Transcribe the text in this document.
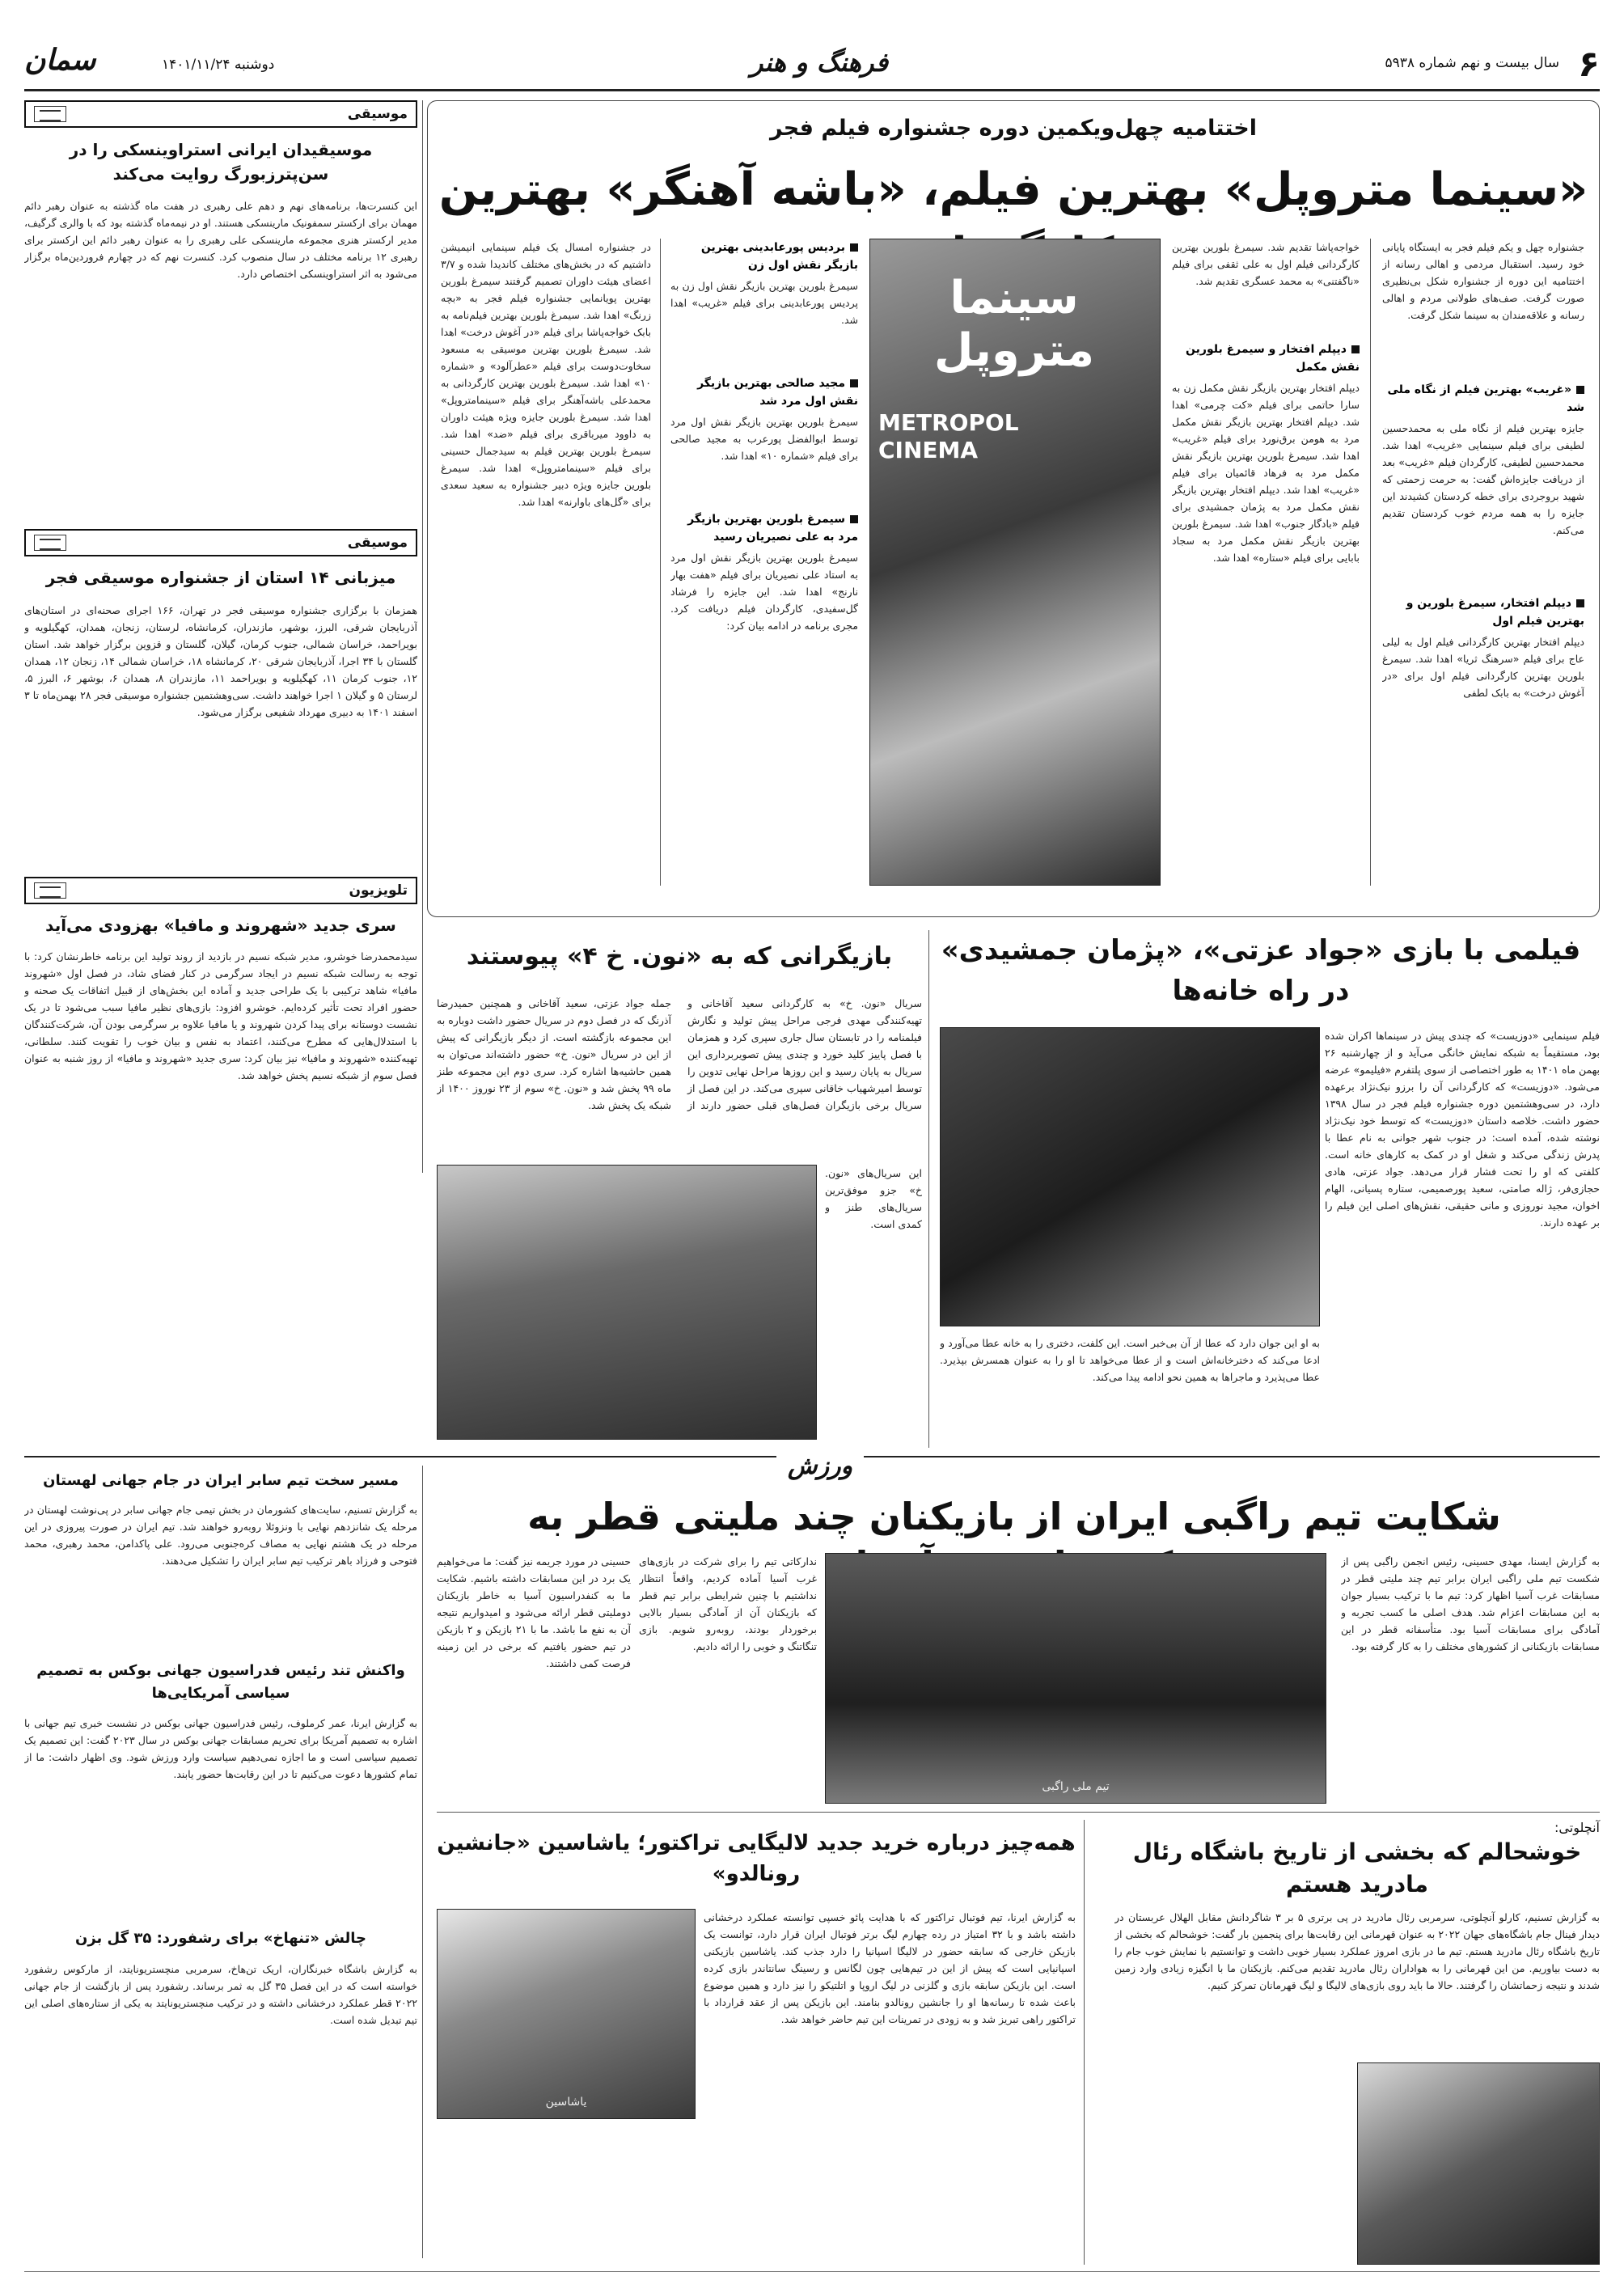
۶
سال بیست و نهم شماره ۵۹۳۸
فرهنگ و هنر
دوشنبه ۱۴۰۱/۱۱/۲۴
سمان
اختتامیه چهل‌ویکمین دوره جشنواره فیلم فجر
«سینما متروپل» بهترین فیلم، «باشه آهنگر» بهترین
جشنواره چهل و یکم فیلم فجر به ایستگاه پایانی خود رسید. استقبال مردمی و اهالی رسانه از اختتامیه این دوره از جشنواره شکل بی‌نظیری صورت گرفت. صف‌های طولانی مردم و اهالی رسانه و علاقه‌مندان به سینما شکل گرفت.
«غریب» بهترین فیلم از نگاه ملی شد
جایزه بهترین فیلم از نگاه ملی به محمدحسین لطیفی برای فیلم سینمایی «غریب» اهدا شد. محمدحسین لطیفی، کارگردان فیلم «غریب» بعد از دریافت جایزه‌اش گفت: به حرمت زحمتی که شهید بروجردی برای خطه کردستان کشیدند این جایزه را به همه مردم خوب کردستان تقدیم می‌کنم.
دیپلم افتخار، سیمرغ بلورین و بهترین فیلم اول
دیپلم افتخار بهترین کارگردانی فیلم اول به لیلی عاج برای فیلم «سرهنگ ثریا» اهدا شد. سیمرغ بلورین بهترین کارگردانی فیلم اول برای «در آغوش درخت» به بابک لطفی
خواجه‌پاشا تقدیم شد. سیمرغ بلورین بهترین کارگردانی فیلم اول به علی ثقفی برای فیلم «ناگفتنی» به محمد عسگری تقدیم شد.
دیپلم افتخار و سیمرغ بلورین نقش مکمل
دیپلم افتخار بهترین بازیگر نقش مکمل زن به سارا حاتمی برای فیلم «کت چرمی» اهدا شد. دیپلم افتخار بهترین بازیگر نقش مکمل مرد به هومن برق‌نورد برای فیلم «غریب» اهدا شد. سیمرغ بلورین بهترین بازیگر نقش مکمل مرد به فرهاد قائمیان برای فیلم «غریب» اهدا شد. دیپلم افتخار بهترین بازیگر نقش مکمل مرد به پژمان جمشیدی برای فیلم «بادگار جنوب» اهدا شد. سیمرغ بلورین بهترین بازیگر نقش مکمل مرد به سجاد بابایی برای فیلم «ستاره» اهدا شد.
سینما متروپل
METROPOL CINEMA
بردیس پورعابدینی بهترین بازیگر نقش اول زن
سیمرغ بلورین بهترین بازیگر نقش اول زن به پردیس پورعابدینی برای فیلم «غریب» اهدا شد.
مجید صالحی بهترین بازیگر نقش اول مرد شد
سیمرغ بلورین بهترین بازیگر نقش اول مرد توسط ابوالفضل پورعرب به مجید صالحی برای فیلم «شماره ۱۰» اهدا شد.
سیمرغ بلورین بهترین بازیگر مرد به علی نصیریان رسید
سیمرغ بلورین بهترین بازیگر نقش اول مرد به استاد علی نصیریان برای فیلم «هفت بهار نارنج» اهدا شد. این جایزه را فرشاد گل‌سفیدی، کارگردان فیلم دریافت کرد. مجری برنامه در ادامه بیان کرد:
در جشنواره امسال یک فیلم سینمایی انیمیشن داشتیم که در بخش‌های مختلف کاندیدا شده و ۳/۷ اعضای هیئت داوران تصمیم گرفتند سیمرغ بلورین بهترین پویانمایی جشنواره فیلم فجر به «بچه زرنگ» اهدا شد. سیمرغ بلورین بهترین فیلم‌نامه به بابک خواجه‌پاشا برای فیلم «در آغوش درخت» اهدا شد. سیمرغ بلورین بهترین موسیقی به مسعود سخاوت‌دوست برای فیلم «عطرآلود» و «شماره ۱۰» اهدا شد. سیمرغ بلورین بهترین کارگردانی به محمدعلی باشه‌آهنگر برای فیلم «سینمامتروپل» اهدا شد. سیمرغ بلورین جایزه ویژه هیئت داوران به داوود میرباقری برای فیلم «ضد» اهدا شد. سیمرغ بلورین بهترین فیلم به سیدجمال حسینی برای فیلم «سینمامتروپل» اهدا شد. سیمرغ بلورین جایزه ویژه دبیر جشنواره به سعید سعدی برای «گل‌های باوارنه» اهدا شد.
موسیقی
موسیقیدان ایرانی استراوینسکی را در سن‌پترزبورگ روایت می‌کند
این کنسرت‌ها، برنامه‌های نهم و دهم علی رهبری در هفت ماه گذشته به عنوان رهبر دائم مهمان برای ارکستر سمفونیک مارینسکی هستند. او در نیمه‌ماه گذشته بود که با والری گرگیف، مدیر ارکستر هنری مجموعه مارینسکی علی رهبری را به عنوان رهبر دائم این ارکستر برای رهبری ۱۲ برنامه مختلف در سال منصوب کرد. کنسرت نهم که در چهارم فروردین‌ماه برگزار می‌شود به اثر استراوینسکی اختصاص دارد.
موسیقی
میزبانی ۱۴ استان از جشنواره موسیقی فجر
همزمان با برگزاری جشنواره موسیقی فجر در تهران، ۱۶۶ اجرای صحنه‌ای در استان‌های آذربایجان شرقی، البرز، بوشهر، مازندران، کرمانشاه، لرستان، زنجان، همدان، کهگیلویه و بویراحمد، خراسان شمالی، جنوب کرمان، گیلان، گلستان و قزوین برگزار خواهد شد. استان گلستان با ۳۴ اجرا، آذربایجان شرقی ۲۰، کرمانشاه ۱۸، خراسان شمالی ۱۴، زنجان ۱۲، همدان ۱۲، جنوب کرمان ۱۱، کهگیلویه و بویراحمد ۱۱، مازندران ۸، همدان ۶، بوشهر ۶، البرز ۵، لرستان ۵ و گیلان ۱ اجرا خواهند داشت. سی‌وهشتمین جشنواره موسیقی فجر ۲۸ بهمن‌ماه تا ۳ اسفند ۱۴۰۱ به دبیری مهرداد شفیعی برگزار می‌شود.
تلویزیون
سری جدید «شهروند و مافیا» بهزودی می‌آید
سیدمحمدرضا خوشرو، مدیر شبکه نسیم در بازدید از روند تولید این برنامه خاطرنشان کرد: با توجه به رسالت شبکه نسیم در ایجاد سرگرمی در کنار فضای شاد، در فصل اول «شهروند مافیا» شاهد ترکیبی با یک طراحی جدید و آماده این بخش‌های از قبیل اتفاقات یک صحنه و حضور افراد تحت تأثیر کرده‌ایم. خوشرو افزود: بازی‌های نظیر مافیا سبب می‌شود تا در یک نشست دوستانه برای پیدا کردن شهروند و یا مافیا علاوه بر سرگرمی بودن آن، شرکت‌کنندگان با استدلال‌هایی که مطرح می‌کنند، اعتماد به نفس و بیان خوب را تقویت کنند. سلطانی، تهیه‌کننده «شهروند و مافیا» نیز بیان کرد: سری جدید «شهروند و مافیا» از روز شنبه به عنوان فصل سوم از شبکه نسیم پخش خواهد شد.
فیلمی با بازی «جواد عزتی»، «پژمان جمشیدی» در راه خانه‌ها
فیلم سینمایی «دوزیست» که چندی پیش در سینماها اکران شده بود، مستقیماً به شبکه نمایش خانگی می‌آید و از چهارشنبه ۲۶ بهمن ماه ۱۴۰۱ به طور اختصاصی از سوی پلتفرم «فیلیمو» عرضه می‌شود. «دوزیست» که کارگردانی آن را برزو نیک‌نژاد برعهده دارد، در سی‌وهشتمین دوره جشنواره فیلم فجر در سال ۱۳۹۸ حضور داشت. خلاصه داستان «دوزیست» که توسط خود نیک‌نژاد نوشته شده، آمده است: در جنوب شهر جوانی به نام عطا با پدرش زندگی می‌کند و شغل او در کمک به کارهای خانه است. کلفتی که او را تحت فشار قرار می‌دهد. جواد عزتی، هادی حجازی‌فر، ژاله صامتی، سعید پورصمیمی، ستاره پسیانی، الهام اخوان، مجید نوروزی و مانی حقیقی، نقش‌های اصلی این فیلم را بر عهده دارند.
به او این جوان دارد که عطا از آن بی‌خبر است. این کلفت، دختری را به خانه عطا می‌آورد و ادعا می‌کند که دختر‌خانه‌اش است و از عطا می‌خواهد تا او را به عنوان همسرش بپذیرد. عطا می‌پذیرد و ماجراها به همین نحو ادامه پیدا می‌کند.
بازیگرانی که به «نون. خ ۴» پیوستند
سریال «نون. خ» به کارگردانی سعید آقاخانی و تهیه‌کنندگی مهدی فرجی مراحل پیش تولید و نگارش فیلمنامه را در تابستان سال جاری سپری کرد و همزمان با فصل پاییز کلید خورد و چندی پیش تصویربرداری این سریال به پایان رسید و این روزها مراحل نهایی تدوین را توسط امیرشهیاب خاقانی سپری می‌کند. در این فصل از سریال برخی بازیگران فصل‌های قبلی حضور دارند از جمله جواد عزتی، سعید آقاخانی و همچنین حمیدرضا آذرنگ که در فصل دوم در سریال حضور داشت دوباره به این مجموعه بازگشته است. از دیگر بازیگرانی که پیش از این در سریال «نون. خ» حضور داشته‌اند می‌توان به همین حاشیه‌ها اشاره کرد. سری دوم این مجموعه طنز ماه ۹۹ پخش شد و «نون. خ» سوم از ۲۳ نوروز ۱۴۰۰ از شبکه یک پخش شد.
این سریال‌های «نون. خ» جزو موفق‌ترین سریال‌های طنز و کمدی است.
ورزش
شکایت تیم راگبی ایران از بازیکنان چند ملیتی قطر به
به گزارش ایسنا، مهدی حسینی، رئیس انجمن راگبی پس از شکست تیم ملی راگبی ایران برابر تیم چند ملیتی قطر در مسابقات غرب آسیا اظهار کرد: تیم ما با ترکیب بسیار جوان به این مسابقات اعزام شد. هدف اصلی ما کسب تجربه و آمادگی برای مسابقات آسیا بود. متأسفانه قطر در این مسابقات بازیکنانی از کشورهای مختلف را به کار گرفته بود.
تیم ملی راگبی
ندارکاتی تیم را برای شرکت در بازی‌های غرب آسیا آماده کردیم، واقعاً انتظار نداشتیم با چنین شرایطی برابر تیم قطر که بازیکنان آن از آمادگی بسیار بالایی برخوردار بودند، روبه‌رو شویم. بازی تنگاتنگ و خوبی را ارائه دادیم.
حسینی در مورد جریمه نیز گفت: ما می‌خواهیم یک برد در این مسابقات داشته باشیم. شکایت ما به کنفدراسیون آسیا به خاطر بازیکنان دوملیتی قطر ارائه می‌شود و امیدواریم نتیجه آن به نفع ما باشد. ما با ۲۱ بازیکن و ۲ بازیکن در تیم حضور یافتیم که برخی در این زمینه فرصت کمی داشتند.
مسیر سخت تیم سابر ایران در جام جهانی لهستان
به گزارش تسنیم، سایت‌های کشورمان در بخش تیمی جام جهانی سابر در پی‌نوشت لهستان در مرحله یک شانزدهم نهایی با ونزوئلا روبه‌رو خواهند شد. تیم ایران در صورت پیروزی در این مرحله در یک هشتم نهایی به مصاف کره‌جنوبی می‌رود. علی پاکدامن، محمد رهبری، محمد فتوحی و فرزاد باهر ترکیب تیم سابر ایران را تشکیل می‌دهند.
واکنش تند رئیس فدراسیون جهانی بوکس به تصمیم سیاسی آمریکایی‌ها
به گزارش ایرنا، عمر کرملوف، رئیس فدراسیون جهانی بوکس در نشست خبری تیم جهانی با اشاره به تصمیم آمریکا برای تحریم مسابقات جهانی بوکس در سال ۲۰۲۳ گفت: این تصمیم یک تصمیم سیاسی است و ما اجازه نمی‌دهیم سیاست وارد ورزش شود. وی اظهار داشت: ما از تمام کشورها دعوت می‌کنیم تا در این رقابت‌ها حضور یابند.
چالش «تنهاخ» برای رشفورد: ۳۵ گل بزن
به گزارش باشگاه خبرنگاران، اریک تن‌هاخ، سرمربی منچستریونایتد، از مارکوس رشفورد خواسته است که در این فصل ۳۵ گل به ثمر برساند. رشفورد پس از بازگشت از جام جهانی ۲۰۲۲ قطر عملکرد درخشانی داشته و در ترکیب منچستریونایتد به یکی از ستاره‌های اصلی این تیم تبدیل شده است.
آنچلوتی:
خوشحالم که بخشی از تاریخ باشگاه رئال مادرید هستم
به گزارش تسنیم، کارلو آنچلوتی، سرمربی رئال مادرید در پی برتری ۵ بر ۳ شاگردانش مقابل الهلال عربستان در دیدار فینال جام باشگاه‌های جهان ۲۰۲۲ به عنوان قهرمانی این رقابت‌ها برای پنجمین بار گفت: خوشحالم که بخشی از تاریخ باشگاه رئال مادرید هستم. تیم ما در بازی امروز عملکرد بسیار خوبی داشت و توانستیم با نمایش خوب جام را به دست بیاوریم. من این قهرمانی را به هواداران رئال مادرید تقدیم می‌کنم. بازیکنان ما با انگیزه زیادی وارد زمین شدند و نتیجه زحماتشان را گرفتند. حالا ما باید روی بازی‌های لالیگا و لیگ قهرمانان تمرکز کنیم.
همه‌چیز درباره خرید جدید لالیگایی تراکتور؛ یاشاسین «جانشین رونالدو»
یاشاسین
به گزارش ایرنا، تیم فوتبال تراکتور که با هدایت پائو خسپی توانسته عملکرد درخشانی داشته باشد و با ۳۲ امتیاز در رده چهارم لیگ برتر فوتبال ایران قرار دارد، توانست یک بازیکن خارجی که سابقه حضور در لالیگا اسپانیا را دارد جذب کند. یاشاسین بازیکنی اسپانیایی است که پیش از این در تیم‌هایی چون لگانس و رسینگ سانتاندر بازی کرده است. این بازیکن سابقه بازی و گلزنی در لیگ اروپا و اتلتیکو را نیز دارد و همین موضوع باعث شده تا رسانه‌ها او را جانشین رونالدو بنامند. این بازیکن پس از عقد قرارداد با تراکتور راهی تبریز شد و به زودی در تمرینات این تیم حاضر خواهد شد.
